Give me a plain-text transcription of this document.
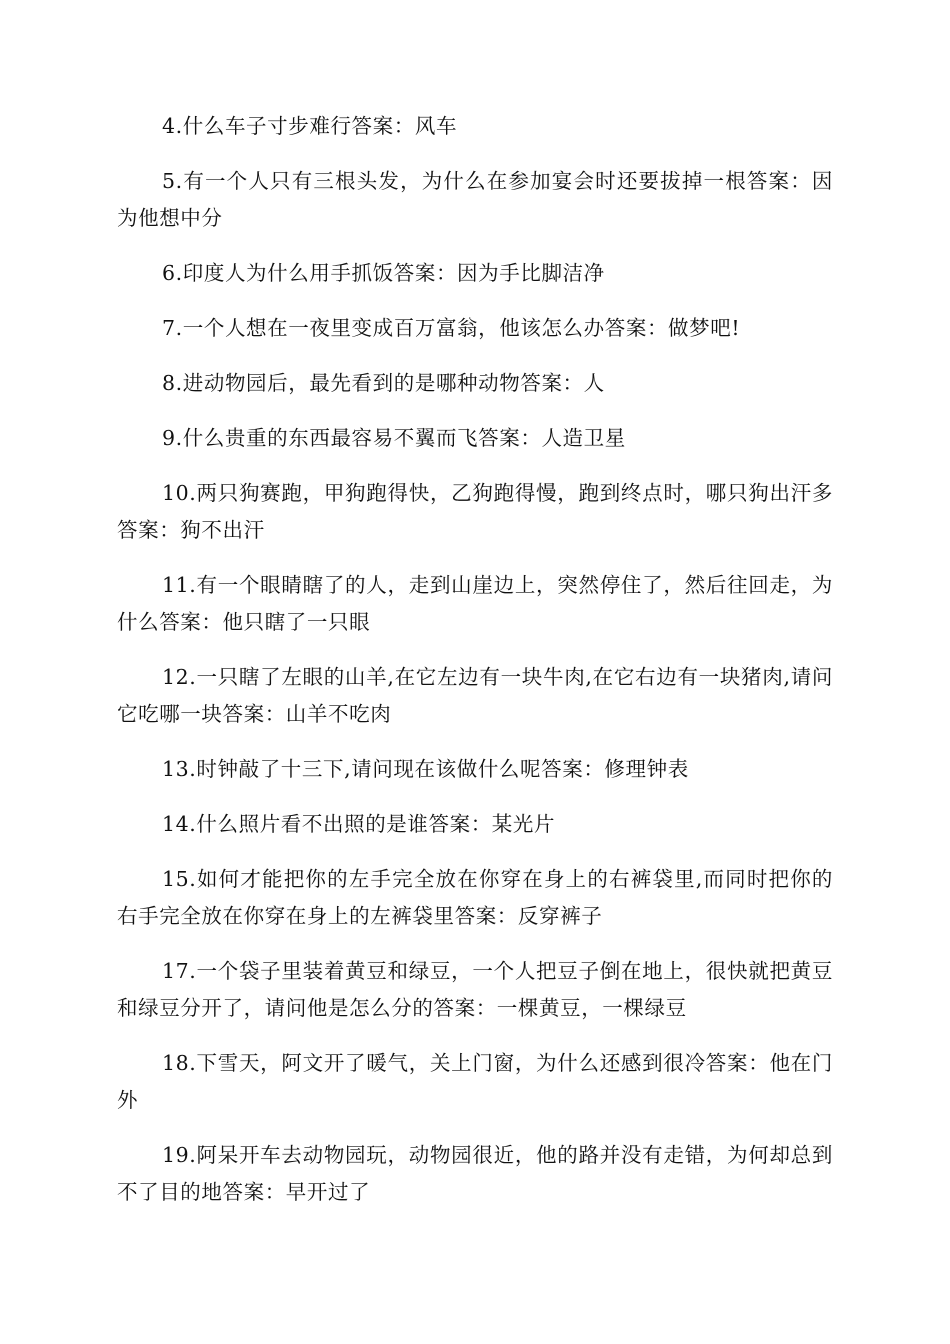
4.什么车子寸步难行答案：风车

5.有一个人只有三根头发，为什么在参加宴会时还要拔掉一根答案：因为他想中分

6.印度人为什么用手抓饭答案：因为手比脚洁净

7.一个人想在一夜里变成百万富翁，他该怎么办答案：做梦吧!

8.进动物园后，最先看到的是哪种动物答案：人

9.什么贵重的东西最容易不翼而飞答案：人造卫星

10.两只狗赛跑，甲狗跑得快，乙狗跑得慢，跑到终点时，哪只狗出汗多答案：狗不出汗

11.有一个眼睛瞎了的人，走到山崖边上，突然停住了，然后往回走，为什么答案：他只瞎了一只眼

12.一只瞎了左眼的山羊,在它左边有一块牛肉,在它右边有一块猪肉,请问它吃哪一块答案：山羊不吃肉

13.时钟敲了十三下,请问现在该做什么呢答案：修理钟表

14.什么照片看不出照的是谁答案：某光片

15.如何才能把你的左手完全放在你穿在身上的右裤袋里,而同时把你的右手完全放在你穿在身上的左裤袋里答案：反穿裤子

17.一个袋子里装着黄豆和绿豆，一个人把豆子倒在地上，很快就把黄豆和绿豆分开了，请问他是怎么分的答案：一棵黄豆，一棵绿豆

18.下雪天，阿文开了暖气，关上门窗，为什么还感到很冷答案：他在门外

19.阿呆开车去动物园玩，动物园很近，他的路并没有走错，为何却总到不了目的地答案：早开过了
